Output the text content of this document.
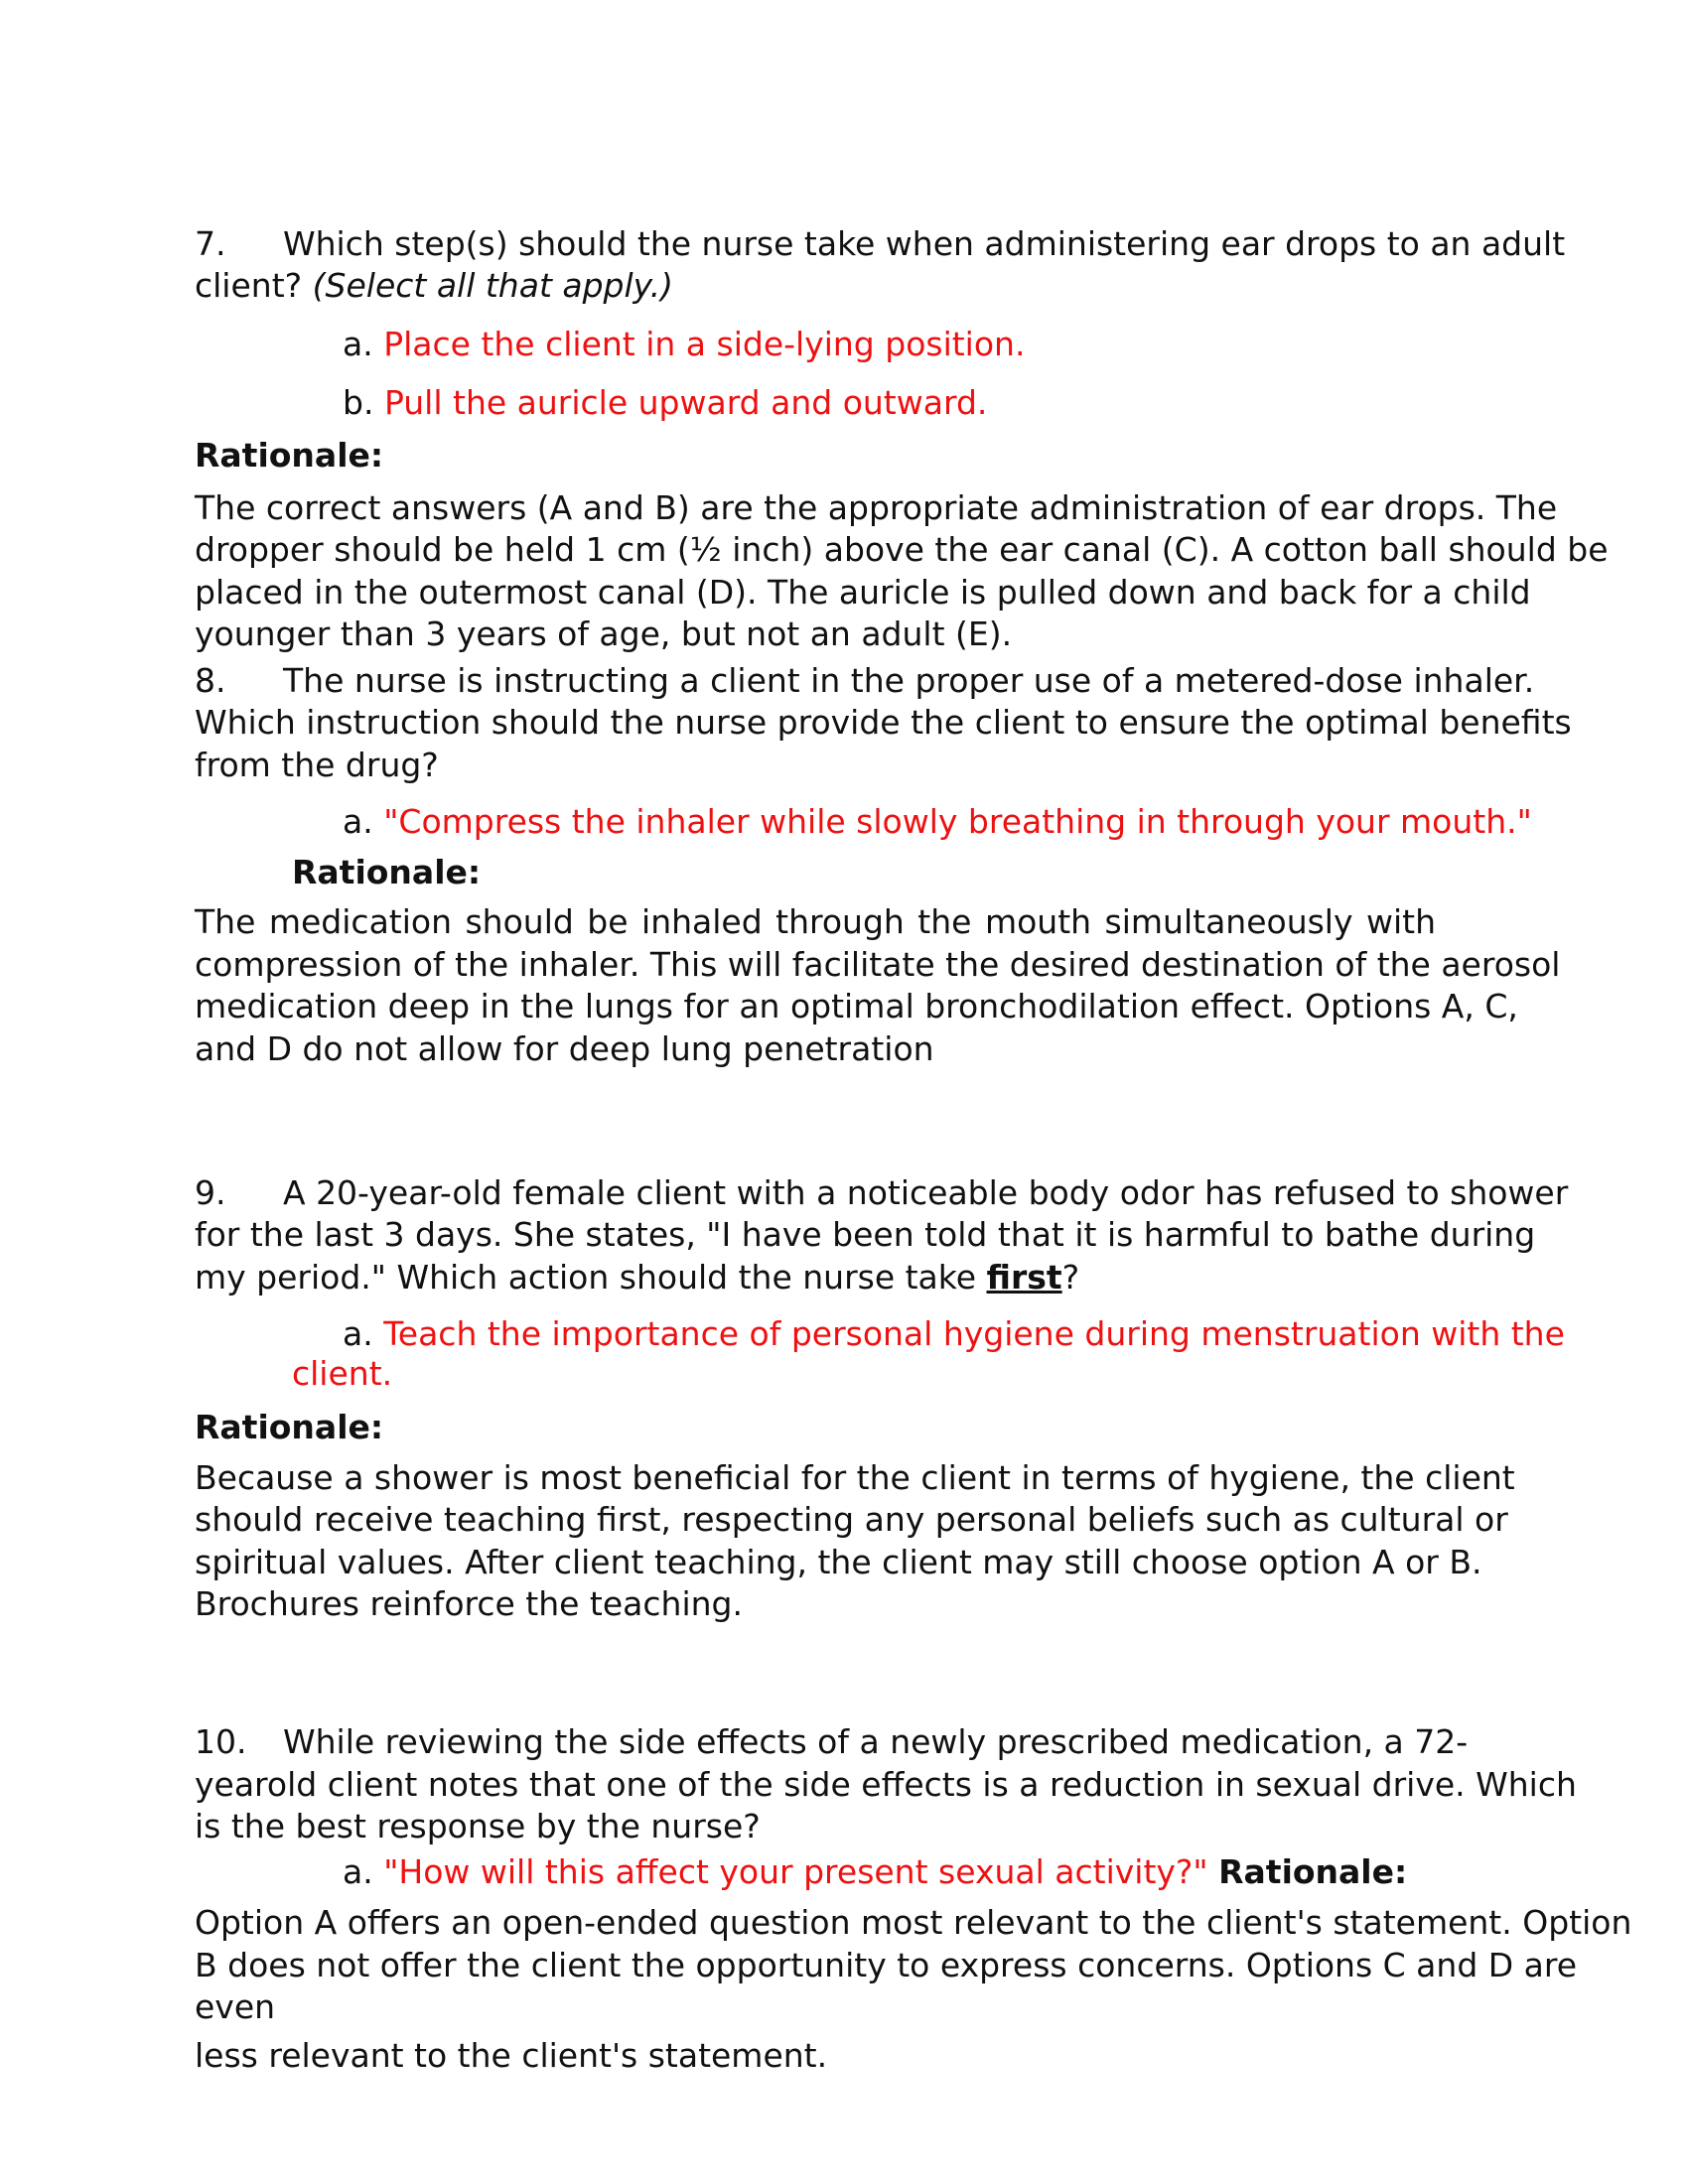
7. Which step(s) should the nurse take when administering ear drops to an adult
client? (Select all that apply.)
a. Place the client in a side-lying position.
b. Pull the auricle upward and outward.
Rationale:
The correct answers (A and B) are the appropriate administration of ear drops. The
dropper should be held 1 cm (½ inch) above the ear canal (C). A cotton ball should be
placed in the outermost canal (D). The auricle is pulled down and back for a child
younger than 3 years of age, but not an adult (E).
8. The nurse is instructing a client in the proper use of a metered-dose inhaler.
Which instruction should the nurse provide the client to ensure the optimal benefits
from the drug?
a. "Compress the inhaler while slowly breathing in through your mouth."
Rationale:
The medication should be inhaled through the mouth simultaneously with
compression of the inhaler. This will facilitate the desired destination of the aerosol
medication deep in the lungs for an optimal bronchodilation effect. Options A, C,
and D do not allow for deep lung penetration
9. A 20-year-old female client with a noticeable body odor has refused to shower
for the last 3 days. She states, "I have been told that it is harmful to bathe during
my period." Which action should the nurse take first?
a. Teach the importance of personal hygiene during menstruation with the
client.
Rationale:
Because a shower is most beneficial for the client in terms of hygiene, the client
should receive teaching first, respecting any personal beliefs such as cultural or
spiritual values. After client teaching, the client may still choose option A or B.
Brochures reinforce the teaching.
10. While reviewing the side effects of a newly prescribed medication, a 72-
yearold client notes that one of the side effects is a reduction in sexual drive. Which
is the best response by the nurse?
a. "How will this affect your present sexual activity?" Rationale:
Option A offers an open-ended question most relevant to the client's statement. Option
B does not offer the client the opportunity to express concerns. Options C and D are
even
less relevant to the client's statement.
